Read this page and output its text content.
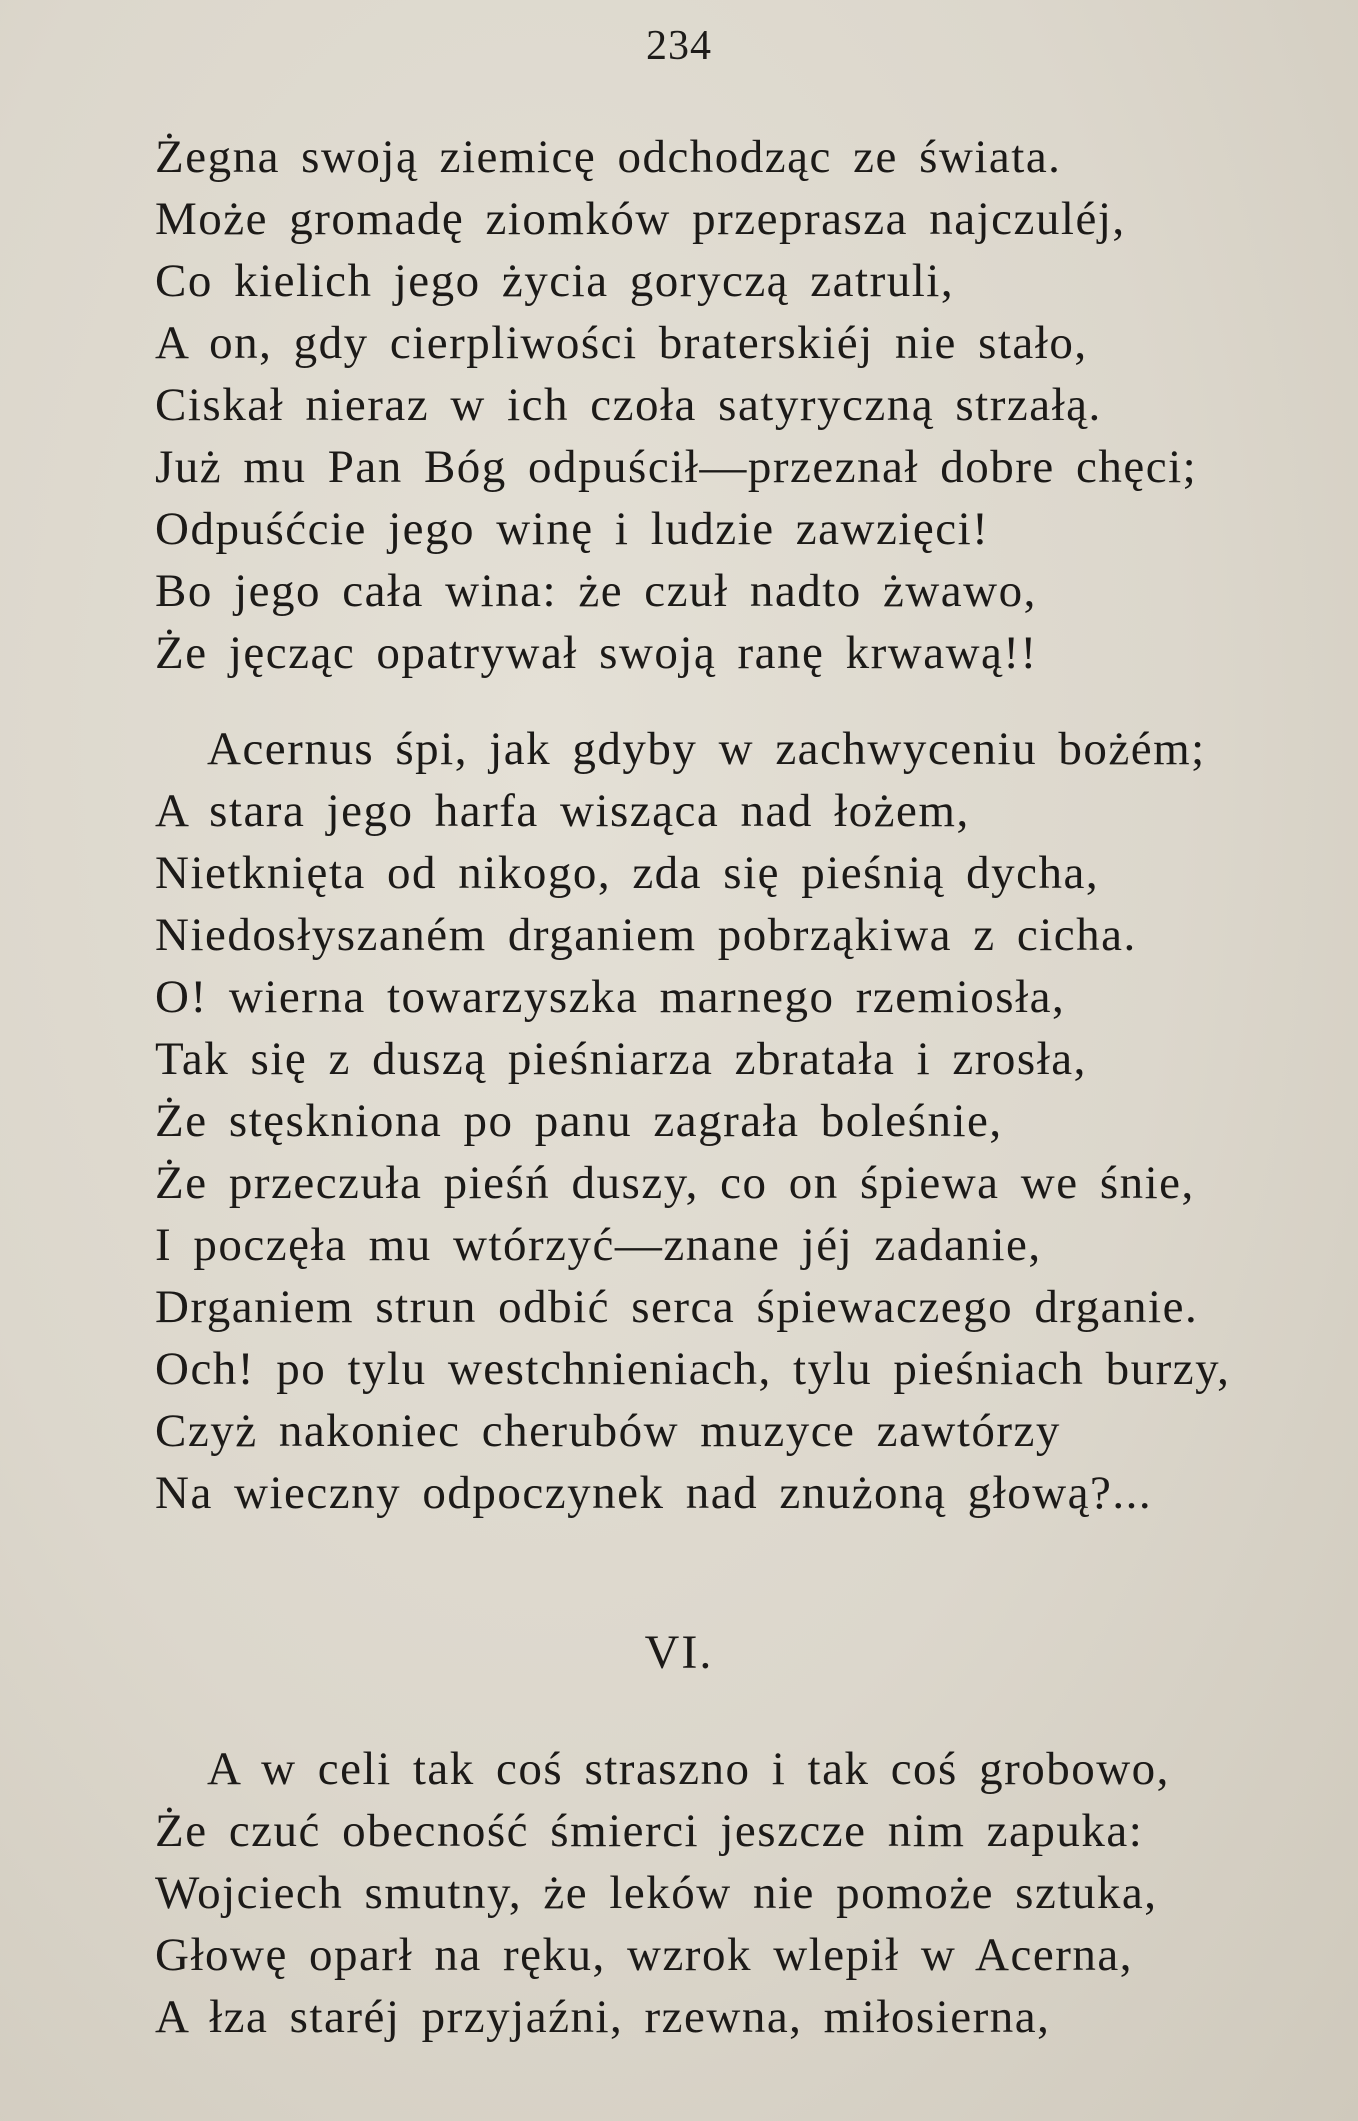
234
Żegna swoją ziemicę odchodząc ze świata.
Może gromadę ziomków przeprasza najczuléj,
Co kielich jego życia goryczą zatruli,
A on, gdy cierpliwości braterskiéj nie stało,
Ciskał nieraz w ich czoła satyryczną strzałą.
Już mu Pan Bóg odpuścił—przeznał dobre chęci;
Odpuśćcie jego winę i ludzie zawzięci!
Bo jego cała wina: że czuł nadto żwawo,
Że jęcząc opatrywał swoją ranę krwawą!!
Acernus śpi, jak gdyby w zachwyceniu bożém;
A stara jego harfa wisząca nad łożem,
Nietknięta od nikogo, zda się pieśnią dycha,
Niedosłyszaném drganiem pobrząkiwa z cicha.
O! wierna towarzyszka marnego rzemiosła,
Tak się z duszą pieśniarza zbratała i zrosła,
Że stęskniona po panu zagrała boleśnie,
Że przeczuła pieśń duszy, co on śpiewa we śnie,
I poczęła mu wtórzyć—znane jéj zadanie,
Drganiem strun odbić serca śpiewaczego drganie.
Och! po tylu westchnieniach, tylu pieśniach burzy,
Czyż nakoniec cherubów muzyce zawtórzy
Na wieczny odpoczynek nad znużoną głową?...
VI.
A w celi tak coś straszno i tak coś grobowo,
Że czuć obecność śmierci jeszcze nim zapuka:
Wojciech smutny, że leków nie pomoże sztuka,
Głowę oparł na ręku, wzrok wlepił w Acerna,
A łza staréj przyjaźni, rzewna, miłosierna,
